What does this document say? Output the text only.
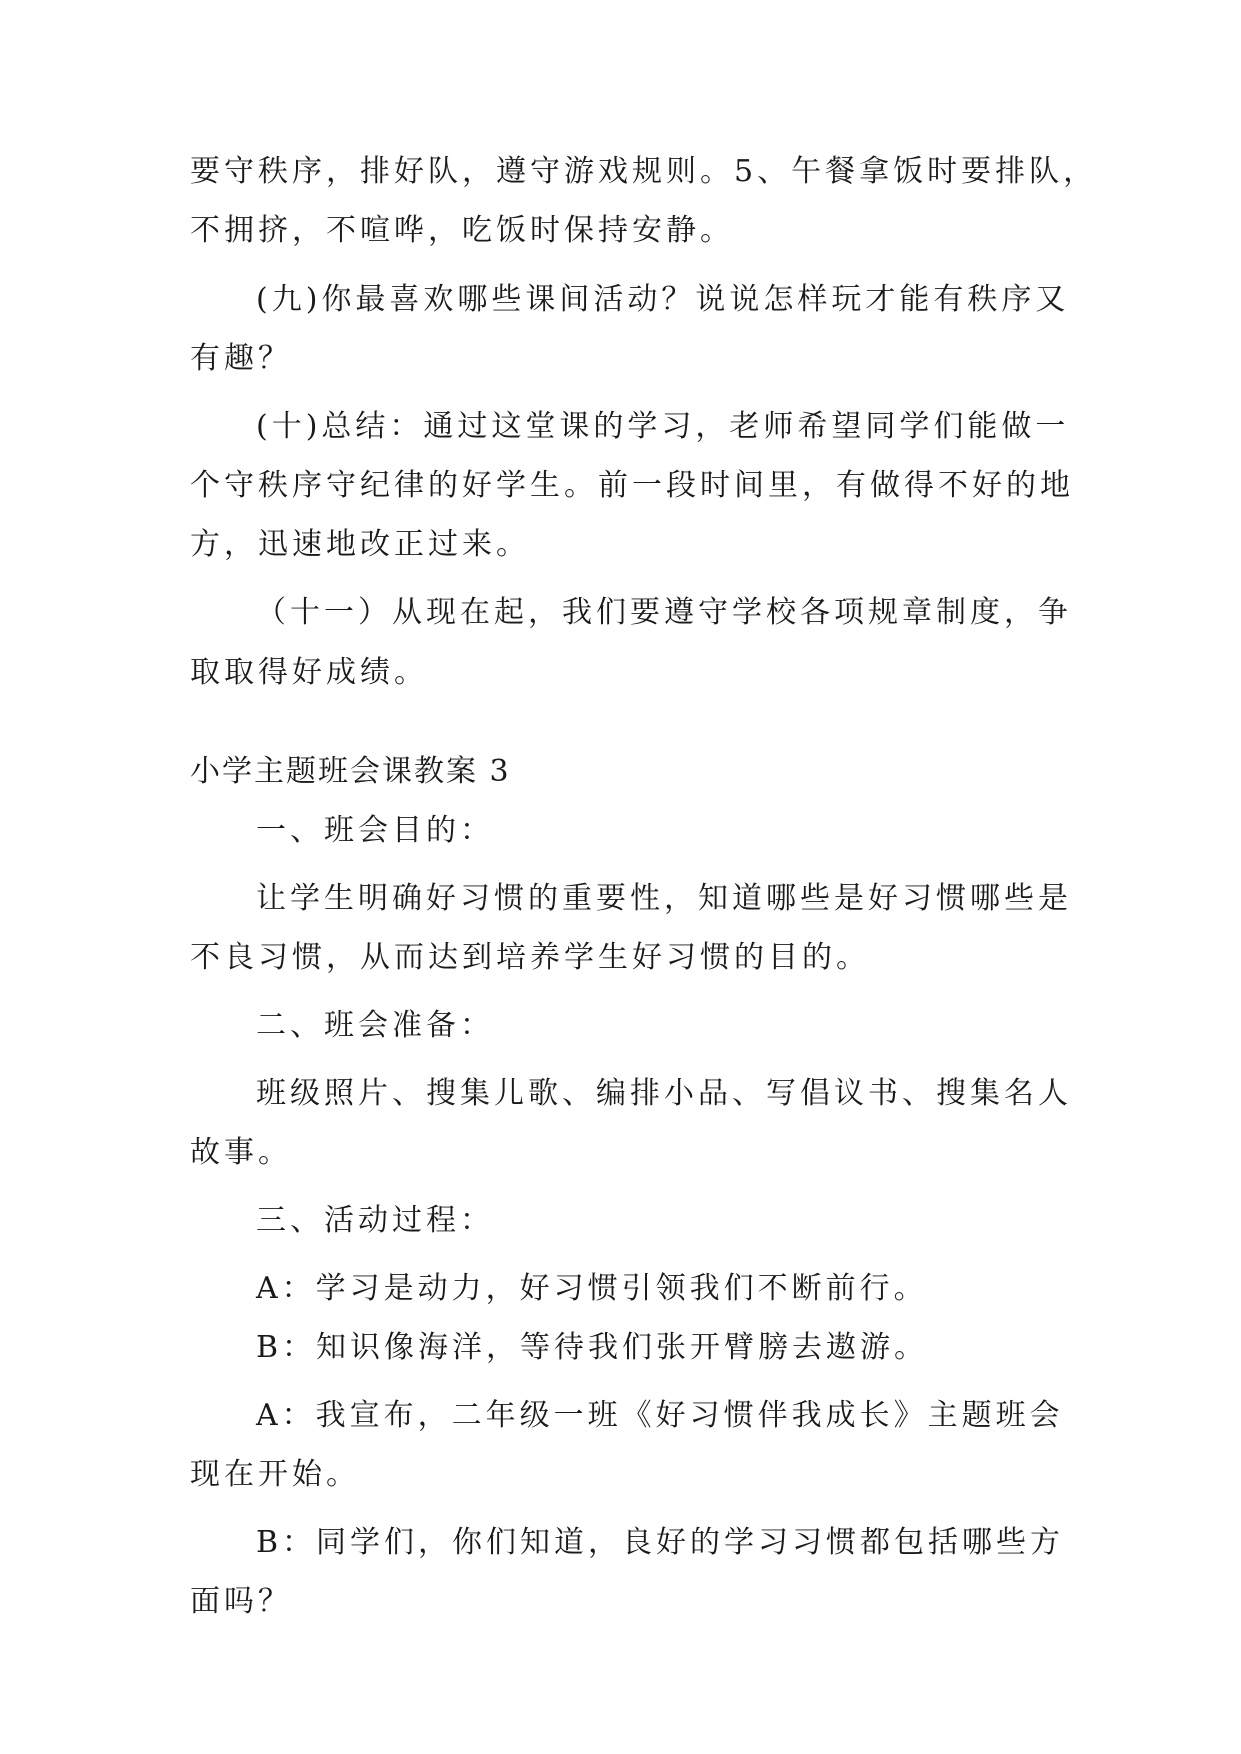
要守秩序，排好队，遵守游戏规则。5、午餐拿饭时要排队，
不拥挤，不喧哗，吃饭时保持安静。
(九)你最喜欢哪些课间活动？说说怎样玩才能有秩序又
有趣？
(十)总结：通过这堂课的学习，老师希望同学们能做一
个守秩序守纪律的好学生。前一段时间里，有做得不好的地
方，迅速地改正过来。
（十一）从现在起，我们要遵守学校各项规章制度，争
取取得好成绩。
小学主题班会课教案 3
一、班会目的：
让学生明确好习惯的重要性，知道哪些是好习惯哪些是
不良习惯，从而达到培养学生好习惯的目的。
二、班会准备：
班级照片、搜集儿歌、编排小品、写倡议书、搜集名人
故事。
三、活动过程：
A：学习是动力，好习惯引领我们不断前行。
B：知识像海洋，等待我们张开臂膀去遨游。
A：我宣布，二年级一班《好习惯伴我成长》主题班会
现在开始。
B：同学们，你们知道，良好的学习习惯都包括哪些方
面吗？
